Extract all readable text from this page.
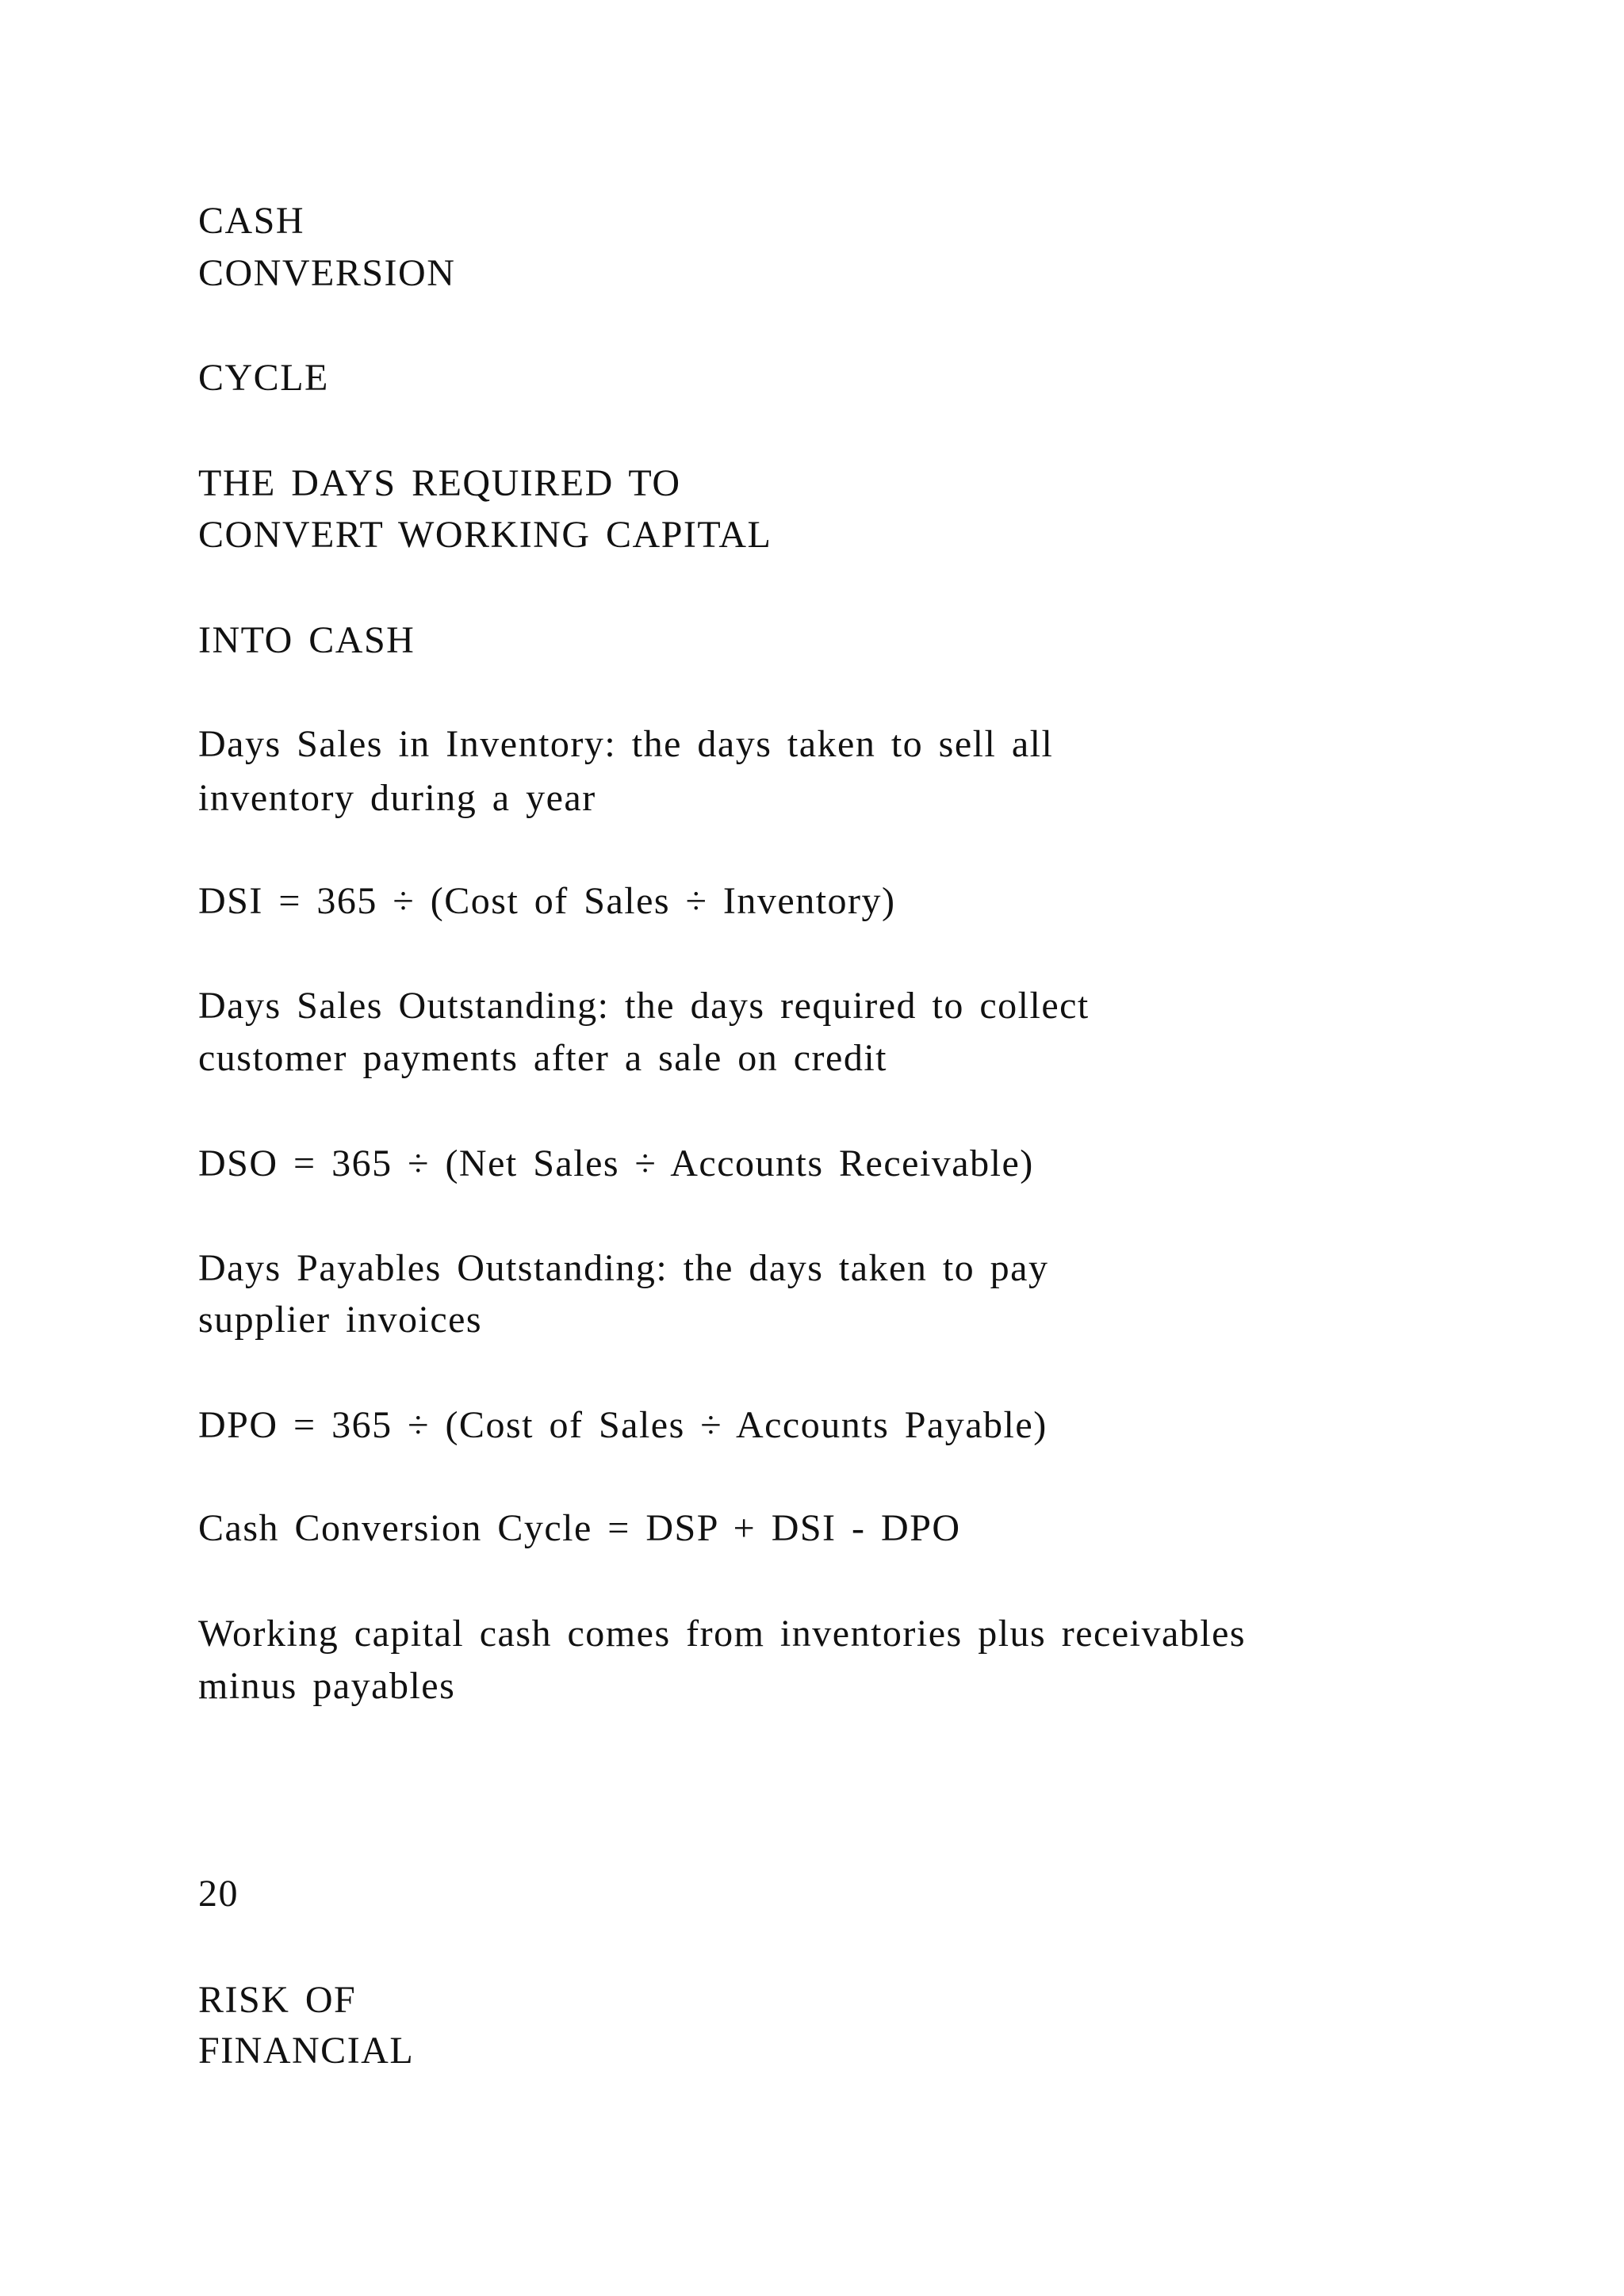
CASH

CONVERSION

CYCLE

THE DAYS REQUIRED TO

CONVERT WORKING CAPITAL

INTO CASH

Days Sales in Inventory: the days taken to sell all

inventory during a year

DSI = 365 ÷ (Cost of Sales ÷ Inventory)

Days Sales Outstanding: the days required to collect

customer payments after a sale on credit

DSO = 365 ÷ (Net Sales ÷ Accounts Receivable)

Days Payables Outstanding: the days taken to pay

supplier invoices

DPO = 365 ÷ (Cost of Sales ÷ Accounts Payable)

Cash Conversion Cycle = DSP + DSI - DPO

Working capital cash comes from inventories plus receivables

minus payables

20

RISK OF

FINANCIAL
